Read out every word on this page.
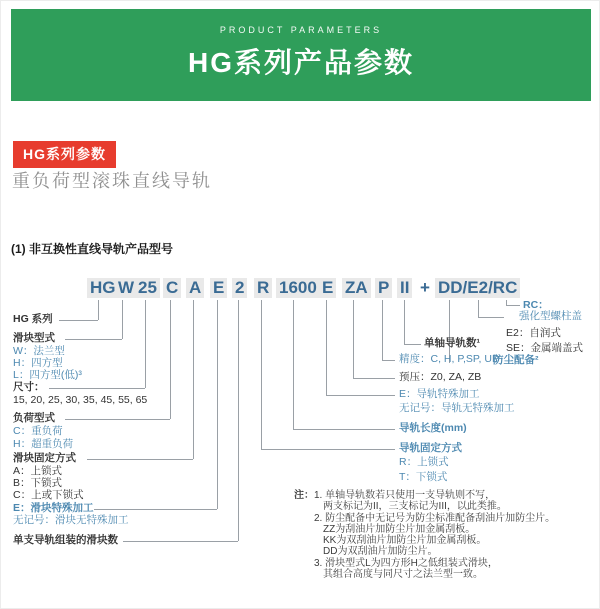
PRODUCT PARAMETERS
HG系列产品参数
HG系列参数
重负荷型滚珠直线导轨
(1) 非互换性直线导轨产品型号
HG W 25 C A E 2 R 1600 E ZA P II + DD/E2/RC
HG 系列
滑块型式
W：法兰型
H：四方型
L：四方型(低)³
尺寸：
15, 20, 25, 30, 35, 45, 55, 65
负荷型式
C：重负荷
H：超重负荷
滑块固定方式
A：上锁式
B：下锁式
C：上或下锁式
E：滑块特殊加工
无记号：滑块无特殊加工
单支导轨组装的滑块数
RC：
强化型螺柱盖
E2：自润式
SE：金属端盖式
单轴导轨数¹
精度：C, H, P,SP, UP
防尘配备²
预压：Z0, ZA, ZB
E：导轨特殊加工
无记号：导轨无特殊加工
导轨长度(mm)
导轨固定方式
R：上锁式
T：下锁式
注： 1. 单轴导轨数若只使用一支导轨则不写，
两支标记为II，三支标记为III，以此类推。
2. 防尘配备中无记号为防尘标准配备刮油片加防尘片。
ZZ为刮油片加防尘片加金属刮板。
KK为双刮油片加防尘片加金属刮板。
DD为双刮油片加防尘片。
3. 滑块型式L为四方形H之低组装式滑块，
其组合高度与同尺寸之法兰型一致。
